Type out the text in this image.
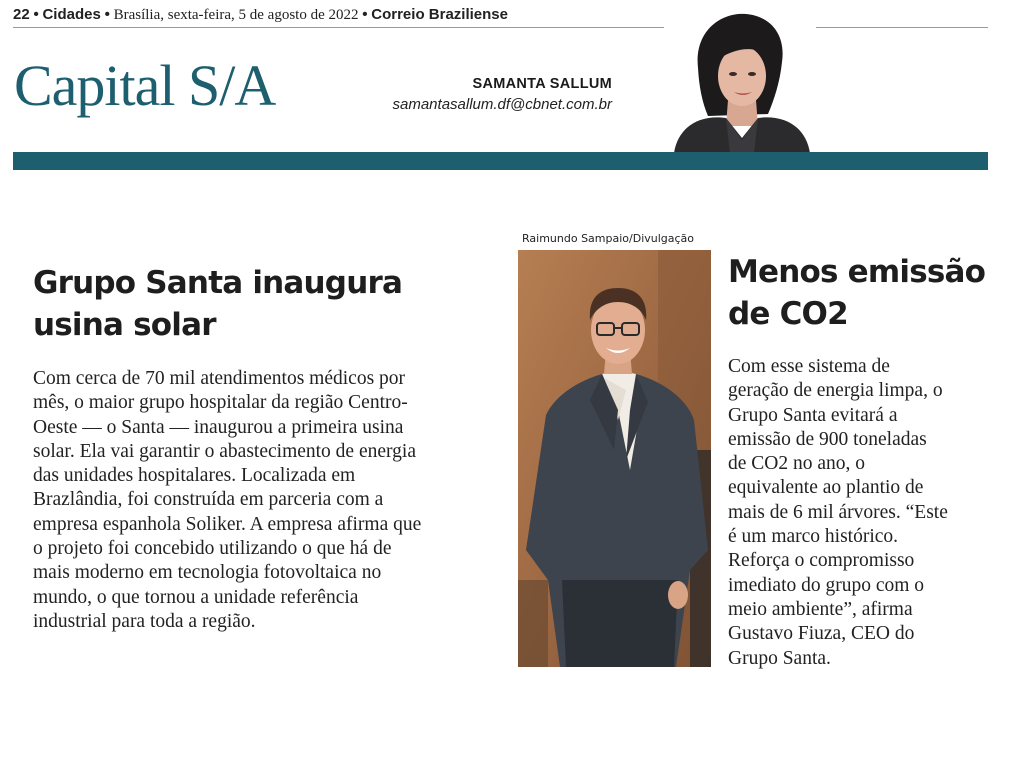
22 • Cidades • Brasília, sexta-feira, 5 de agosto de 2022 • Correio Braziliense
Capital S/A	SAMANTA SALLUM
samantasallum.df@cbnet.com.br
Grupo Santa inaugura
usina solar

Com cerca de 70 mil atendimentos médicos por
mês, o maior grupo hospitalar da região Centro-
Oeste — o Santa — inaugurou a primeira usina
solar. Ela vai garantir o abastecimento de energia
das unidades hospitalares. Localizada em
Brazlândia, foi construída em parceria com a
empresa espanhola Soliker. A empresa afirma que
o projeto foi concebido utilizando o que há de
mais moderno em tecnologia fotovoltaica no
mundo, o que tornou a unidade referência
industrial para toda a região.

Raimundo Sampaio/Divulgação
Menos emissão
de CO2

Com esse sistema de
geração de energia limpa, o
Grupo Santa evitará a
emissão de 900 toneladas
de CO2 no ano, o
equivalente ao plantio de
mais de 6 mil árvores. “Este
é um marco histórico.
Reforça o compromisso
imediato do grupo com o
meio ambiente”, afirma
Gustavo Fiuza, CEO do
Grupo Santa.
